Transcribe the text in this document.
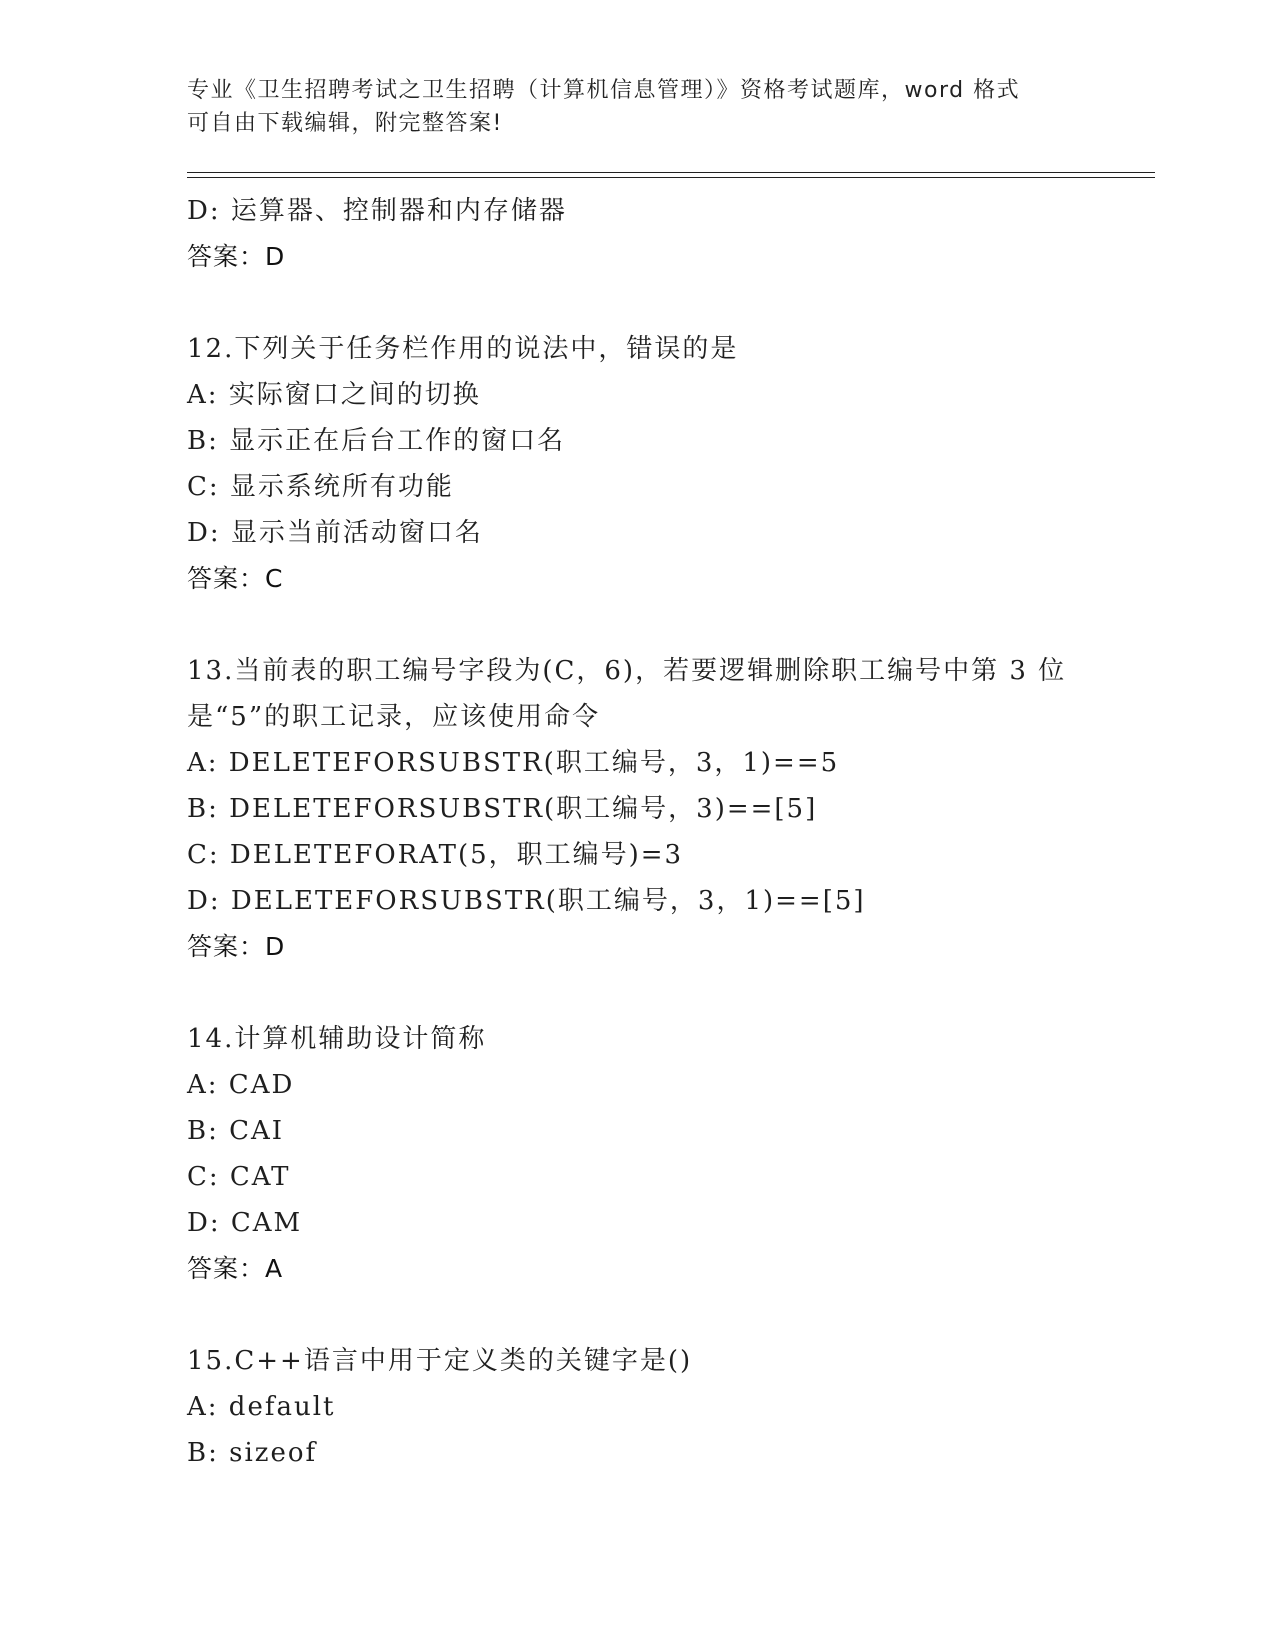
专业《卫生招聘考试之卫生招聘（计算机信息管理）》资格考试题库，word 格式
可自由下载编辑，附完整答案!
D: 运算器、控制器和内存储器
答案：D
12.下列关于任务栏作用的说法中，错误的是
A: 实际窗口之间的切换
B: 显示正在后台工作的窗口名
C: 显示系统所有功能
D: 显示当前活动窗口名
答案：C
13.当前表的职工编号字段为(C，6)，若要逻辑删除职工编号中第 3 位
是“5”的职工记录，应该使用命令
A: DELETEFORSUBSTR(职工编号，3，1)==5
B: DELETEFORSUBSTR(职工编号，3)==[5]
C: DELETEFORAT(5，职工编号)=3
D: DELETEFORSUBSTR(职工编号，3，1)==[5]
答案：D
14.计算机辅助设计简称
A: CAD
B: CAI
C: CAT
D: CAM
答案：A
15.C++语言中用于定义类的关键字是()
A: default
B: sizeof
